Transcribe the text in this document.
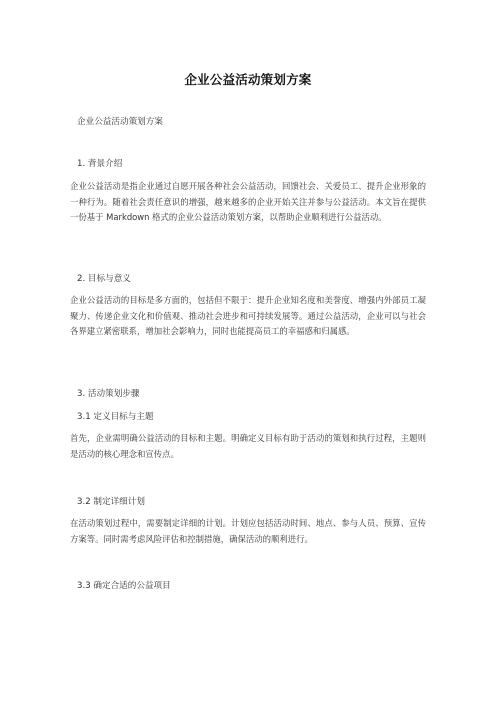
企业公益活动策划方案
企业公益活动策划方案
1. 背景介绍

企业公益活动是指企业通过自愿开展各种社会公益活动，回馈社会、关爱员工、提升企业形象的一种行为。随着社会责任意识的增强，越来越多的企业开始关注并参与公益活动。本文旨在提供一份基于 Markdown 格式的企业公益活动策划方案，以帮助企业顺利进行公益活动。

2. 目标与意义

企业公益活动的目标是多方面的，包括但不限于：提升企业知名度和美誉度、增强内外部员工凝聚力、传递企业文化和价值观、推动社会进步和可持续发展等。通过公益活动，企业可以与社会各界建立紧密联系，增加社会影响力，同时也能提高员工的幸福感和归属感。

3. 活动策划步骤
3.1 定义目标与主题

首先，企业需明确公益活动的目标和主题。明确定义目标有助于活动的策划和执行过程，主题则是活动的核心理念和宣传点。

3.2 制定详细计划

在活动策划过程中，需要制定详细的计划。计划应包括活动时间、地点、参与人员、预算、宣传方案等。同时需考虑风险评估和控制措施，确保活动的顺利进行。

3.3 确定合适的公益项目
